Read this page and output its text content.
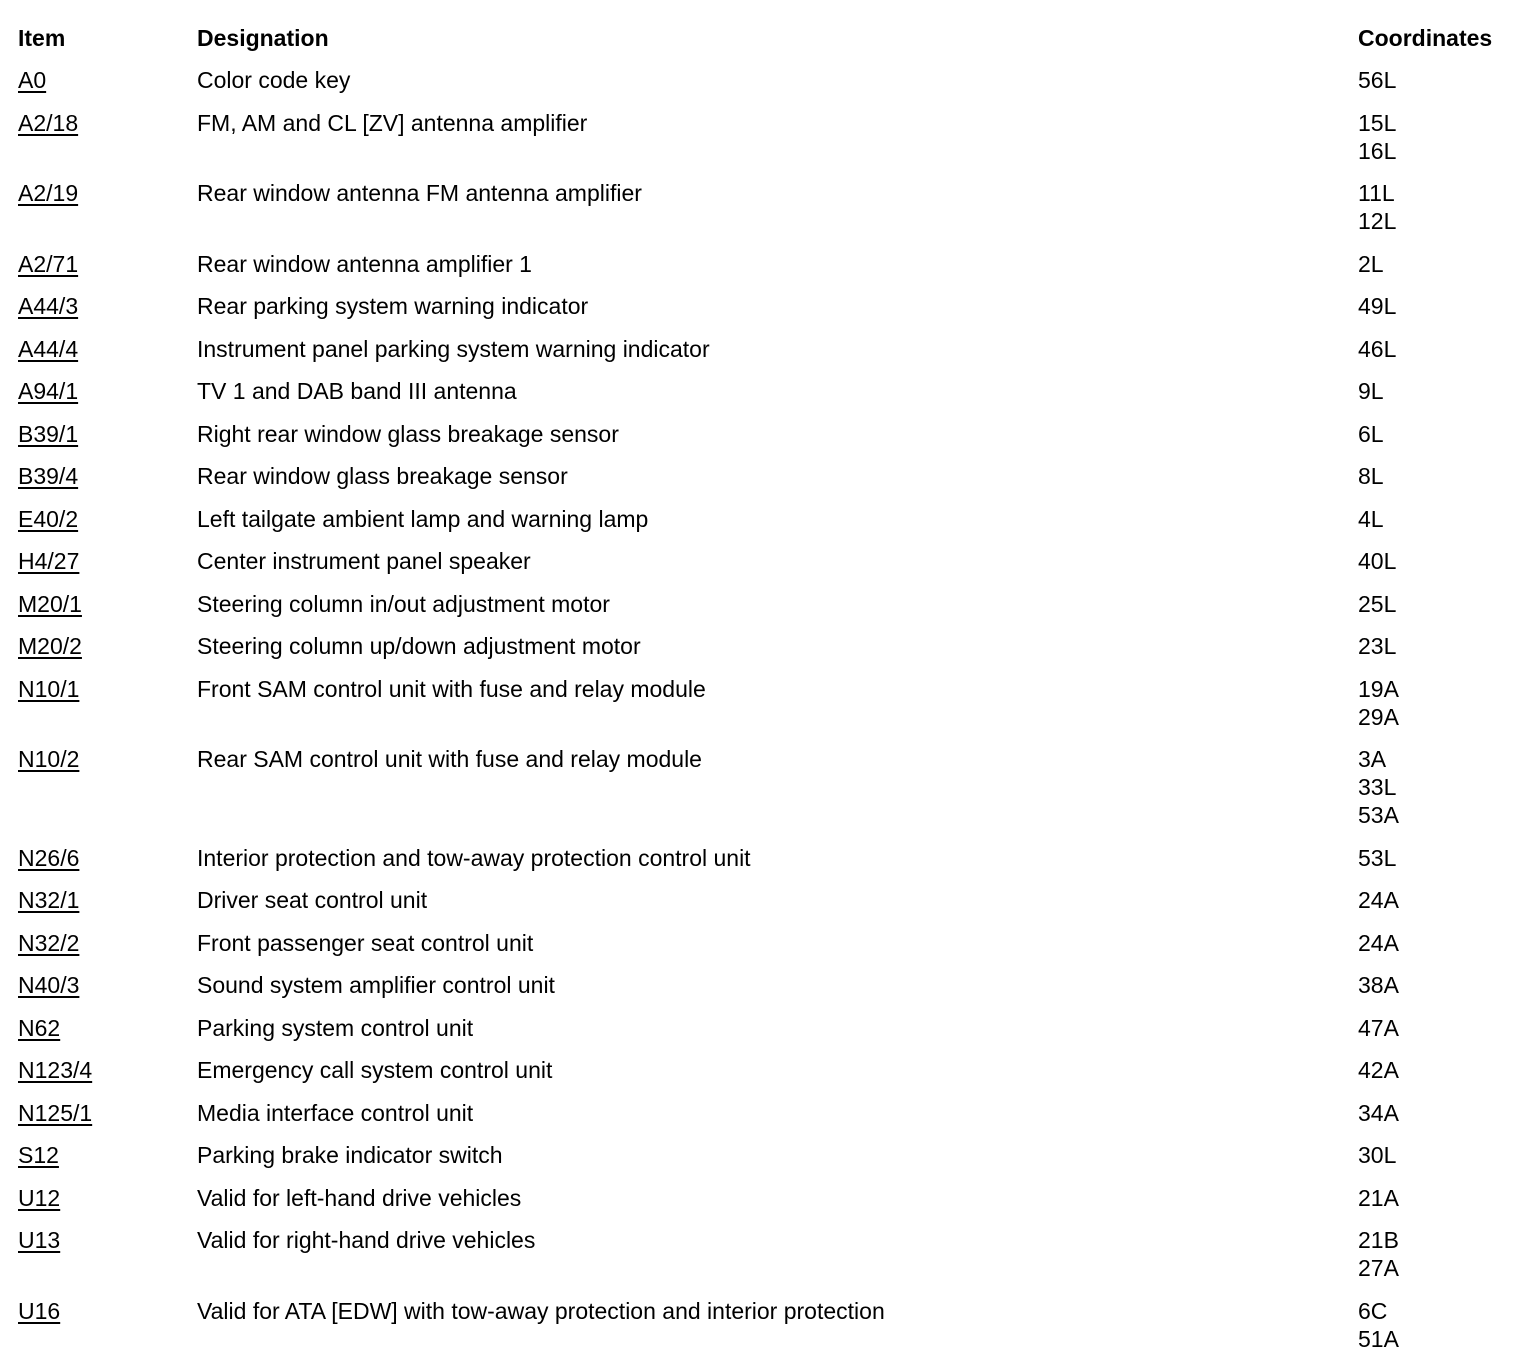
Item	Designation	Coordinates
A0	Color code key	56L

A2/18	FM, AM and CL [ZV] antenna amplifier	15L
16L

A2/19	Rear window antenna FM antenna amplifier	11L
12L

A2/71	Rear window antenna amplifier 1	2L

A44/3	Rear parking system warning indicator	49L

A44/4	Instrument panel parking system warning indicator	46L

A94/1	TV 1 and DAB band III antenna	9L

B39/1	Right rear window glass breakage sensor	6L

B39/4	Rear window glass breakage sensor	8L

E40/2	Left tailgate ambient lamp and warning lamp	4L

H4/27	Center instrument panel speaker	40L

M20/1	Steering column in/out adjustment motor	25L

M20/2	Steering column up/down adjustment motor	23L

N10/1	Front SAM control unit with fuse and relay module	19A
29A

N10/2	Rear SAM control unit with fuse and relay module	3A
33L
53A

N26/6	Interior protection and tow-away protection control unit	53L

N32/1	Driver seat control unit	24A

N32/2	Front passenger seat control unit	24A

N40/3	Sound system amplifier control unit	38A

N62	Parking system control unit	47A

N123/4	Emergency call system control unit	42A

N125/1	Media interface control unit	34A

S12	Parking brake indicator switch	30L

U12	Valid for left-hand drive vehicles	21A

U13	Valid for right-hand drive vehicles	21B
27A

U16	Valid for ATA [EDW] with tow-away protection and interior protection	6C
51A
